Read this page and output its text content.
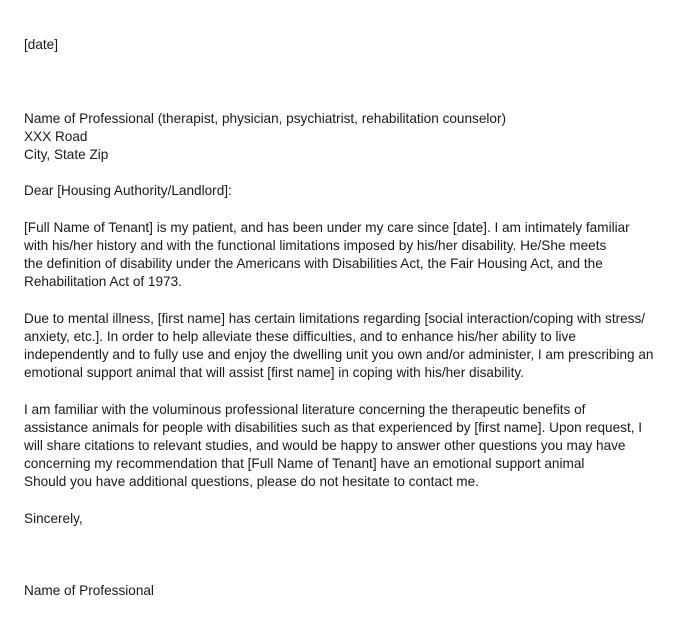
[date]
Name of Professional (therapist, physician, psychiatrist, rehabilitation counselor)
XXX Road
City, State Zip
Dear [Housing Authority/Landlord]:
[Full Name of Tenant] is my patient, and has been under my care since [date]. I am intimately familiar
with his/her history and with the functional limitations imposed by his/her disability. He/She meets
the definition of disability under the Americans with Disabilities Act, the Fair Housing Act, and the
Rehabilitation Act of 1973.
Due to mental illness, [first name] has certain limitations regarding [social interaction/coping with stress/
anxiety, etc.]. In order to help alleviate these difficulties, and to enhance his/her ability to live
independently and to fully use and enjoy the dwelling unit you own and/or administer, I am prescribing an
emotional support animal that will assist [first name] in coping with his/her disability.
I am familiar with the voluminous professional literature concerning the therapeutic benefits of
assistance animals for people with disabilities such as that experienced by [first name]. Upon request, I
will share citations to relevant studies, and would be happy to answer other questions you may have
concerning my recommendation that [Full Name of Tenant] have an emotional support animal
Should you have additional questions, please do not hesitate to contact me.
Sincerely,
Name of Professional
